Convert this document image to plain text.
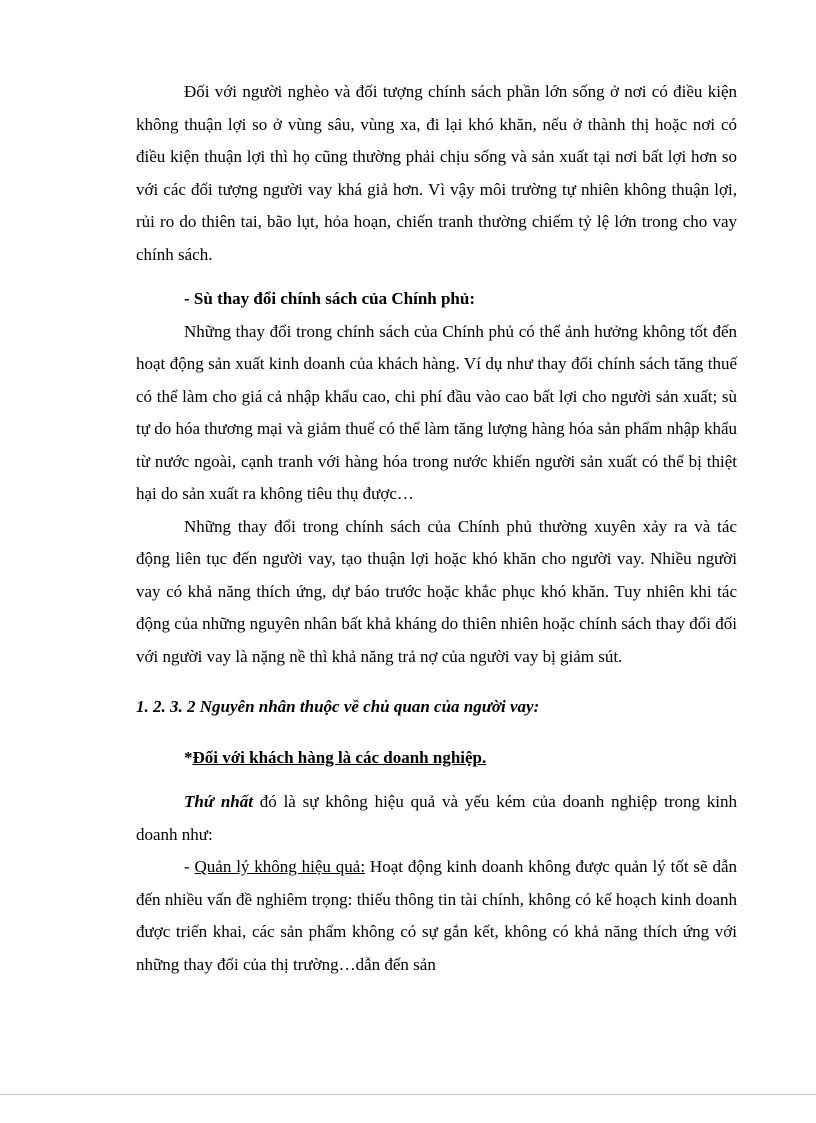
Đối với người nghèo và đối tượng chính sách phần lớn sống ở nơi có điều kiện không thuận lợi so ở vùng sâu, vùng xa, đi lại khó khăn, nếu ở thành thị hoặc nơi có điều kiện thuận lợi thì họ cũng thường phải chịu sống và sản xuất tại nơi bất lợi hơn so với các đối tượng người vay khá giả hơn. Vì vậy môi trường tự nhiên không thuận lợi, rủi ro do thiên tai, bão lụt, hỏa hoạn, chiến tranh thường chiếm tỷ lệ lớn trong cho vay chính sách.

- Sù thay đổi chính sách của Chính phủ:

Những thay đổi trong chính sách của Chính phủ có thể ảnh hưởng không tốt đến hoạt động sản xuất kinh doanh của khách hàng. Ví dụ như thay đổi chính sách tăng thuế có thể làm cho giá cả nhập khẩu cao, chi phí đầu vào cao bất lợi cho người sản xuất; sù tự do hóa thương mại và giảm thuế có thể làm tăng lượng hàng hóa sản phẩm nhập khẩu từ nước ngoài, cạnh tranh với hàng hóa trong nước khiến người sản xuất có thể bị thiệt hại do sản xuất ra không tiêu thụ được…

Những thay đổi trong chính sách của Chính phủ thường xuyên xảy ra và tác động liên tục đến người vay, tạo thuận lợi hoặc khó khăn cho người vay. Nhiều người vay có khả năng thích ứng, dự báo trước hoặc khắc phục khó khăn. Tuy nhiên khi tác động của những nguyên nhân bất khả kháng do thiên nhiên hoặc chính sách thay đổi đối với người vay là nặng nề thì khả năng trả nợ của người vay bị giảm sút.

1. 2. 3. 2 Nguyên nhân thuộc về chủ quan của người vay:

*Đối với khách hàng là các doanh nghiệp.

Thứ nhất đó là sự không hiệu quả và yếu kém của doanh nghiệp trong kinh doanh như:

- Quản lý không hiệu quả: Hoạt động kinh doanh không được quản lý tốt sẽ dẫn đến nhiều vấn đề nghiêm trọng: thiếu thông tin tài chính, không có kế hoạch kinh doanh được triển khai, các sản phẩm không có sự gắn kết, không có khả năng thích ứng với những thay đổi của thị trường…dẫn đến sản
